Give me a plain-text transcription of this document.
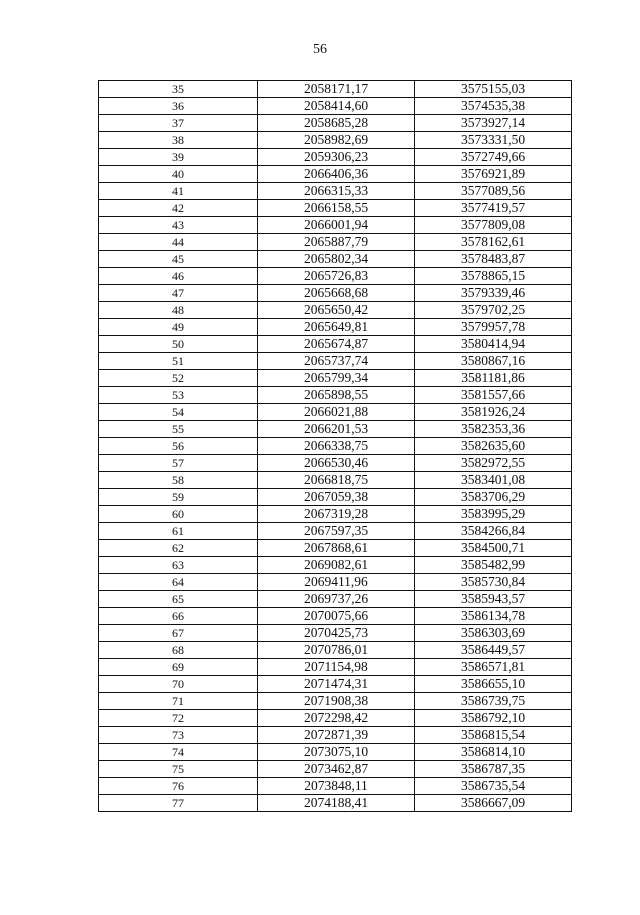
56
35	2058171,17	3575155,03
36	2058414,60	3574535,38
37	2058685,28	3573927,14
38	2058982,69	3573331,50
39	2059306,23	3572749,66
40	2066406,36	3576921,89
41	2066315,33	3577089,56
42	2066158,55	3577419,57
43	2066001,94	3577809,08
44	2065887,79	3578162,61
45	2065802,34	3578483,87
46	2065726,83	3578865,15
47	2065668,68	3579339,46
48	2065650,42	3579702,25
49	2065649,81	3579957,78
50	2065674,87	3580414,94
51	2065737,74	3580867,16
52	2065799,34	3581181,86
53	2065898,55	3581557,66
54	2066021,88	3581926,24
55	2066201,53	3582353,36
56	2066338,75	3582635,60
57	2066530,46	3582972,55
58	2066818,75	3583401,08
59	2067059,38	3583706,29
60	2067319,28	3583995,29
61	2067597,35	3584266,84
62	2067868,61	3584500,71
63	2069082,61	3585482,99
64	2069411,96	3585730,84
65	2069737,26	3585943,57
66	2070075,66	3586134,78
67	2070425,73	3586303,69
68	2070786,01	3586449,57
69	2071154,98	3586571,81
70	2071474,31	3586655,10
71	2071908,38	3586739,75
72	2072298,42	3586792,10
73	2072871,39	3586815,54
74	2073075,10	3586814,10
75	2073462,87	3586787,35
76	2073848,11	3586735,54
77	2074188,41	3586667,09
